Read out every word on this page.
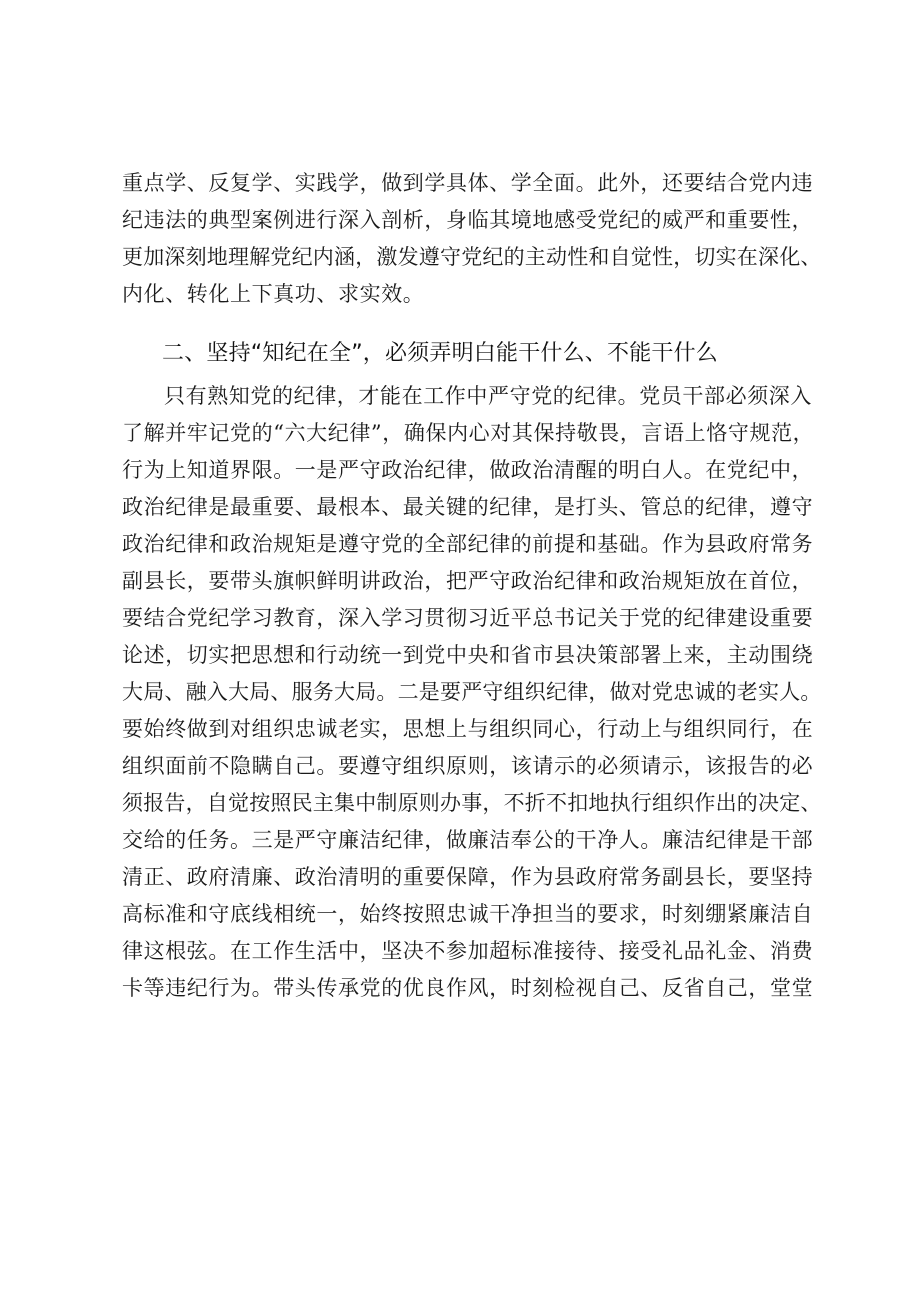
重点学、反复学、实践学，做到学具体、学全面。此外，还要结合党内违
纪违法的典型案例进行深入剖析，身临其境地感受党纪的威严和重要性，
更加深刻地理解党纪内涵，激发遵守党纪的主动性和自觉性，切实在深化、
内化、转化上下真功、求实效。
二、坚持“知纪在全”，必须弄明白能干什么、不能干什么
只有熟知党的纪律，才能在工作中严守党的纪律。党员干部必须深入
了解并牢记党的“六大纪律”，确保内心对其保持敬畏，言语上恪守规范，
行为上知道界限。一是严守政治纪律，做政治清醒的明白人。在党纪中，
政治纪律是最重要、最根本、最关键的纪律，是打头、管总的纪律，遵守
政治纪律和政治规矩是遵守党的全部纪律的前提和基础。作为县政府常务
副县长，要带头旗帜鲜明讲政治，把严守政治纪律和政治规矩放在首位，
要结合党纪学习教育，深入学习贯彻习近平总书记关于党的纪律建设重要
论述，切实把思想和行动统一到党中央和省市县决策部署上来，主动围绕
大局、融入大局、服务大局。二是要严守组织纪律，做对党忠诚的老实人。
要始终做到对组织忠诚老实，思想上与组织同心，行动上与组织同行，在
组织面前不隐瞒自己。要遵守组织原则，该请示的必须请示，该报告的必
须报告，自觉按照民主集中制原则办事，不折不扣地执行组织作出的决定、
交给的任务。三是严守廉洁纪律，做廉洁奉公的干净人。廉洁纪律是干部
清正、政府清廉、政治清明的重要保障，作为县政府常务副县长，要坚持
高标准和守底线相统一，始终按照忠诚干净担当的要求，时刻绷紧廉洁自
律这根弦。在工作生活中，坚决不参加超标准接待、接受礼品礼金、消费
卡等违纪行为。带头传承党的优良作风，时刻检视自己、反省自己，堂堂
